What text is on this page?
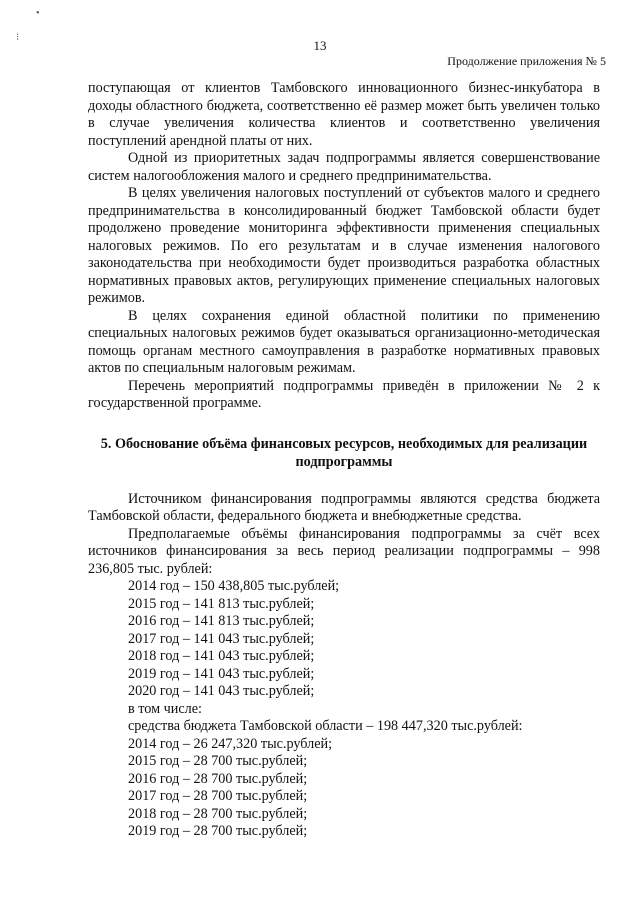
•
⁝
13
Продолжение приложения № 5

поступающая от клиентов Тамбовского инновационного бизнес-инкубатора в доходы областного бюджета, соответственно её размер может быть увеличен только в случае увеличения количества клиентов и соответственно увеличения поступлений арендной платы от них.

Одной из приоритетных задач подпрограммы является совершенствование систем налогообложения малого и среднего предпринимательства.

В целях увеличения налоговых поступлений от субъектов малого и среднего предпринимательства в консолидированный бюджет Тамбовской области будет продолжено проведение мониторинга эффективности применения специальных налоговых режимов. По его результатам и в случае изменения налогового законодательства при необходимости будет производиться разработка областных нормативных правовых актов, регулирующих применение специальных налоговых режимов.

В целях сохранения единой областной политики по применению специальных налоговых режимов будет оказываться организационно-методическая помощь органам местного самоуправления в разработке нормативных правовых актов по специальным налоговым режимам.

Перечень мероприятий подпрограммы приведён в приложении № 2 к государственной программе.

5. Обоснование объёма финансовых ресурсов, необходимых для реализации подпрограммы

Источником финансирования подпрограммы являются средства бюджета Тамбовской области, федерального бюджета и внебюджетные средства.

Предполагаемые объёмы финансирования подпрограммы за счёт всех источников финансирования за весь период реализации подпрограммы – 998 236,805 тыс. рублей:

2014 год – 150 438,805 тыс.рублей;
2015 год – 141 813 тыс.рублей;
2016 год – 141 813 тыс.рублей;
2017 год – 141 043 тыс.рублей;
2018 год – 141 043 тыс.рублей;
2019 год – 141 043 тыс.рублей;
2020 год – 141 043 тыс.рублей;
в том числе:
средства бюджета Тамбовской области – 198 447,320 тыс.рублей:
2014 год – 26 247,320 тыс.рублей;
2015 год – 28 700 тыс.рублей;
2016 год – 28 700 тыс.рублей;
2017 год – 28 700 тыс.рублей;
2018 год – 28 700 тыс.рублей;
2019 год – 28 700 тыс.рублей;
